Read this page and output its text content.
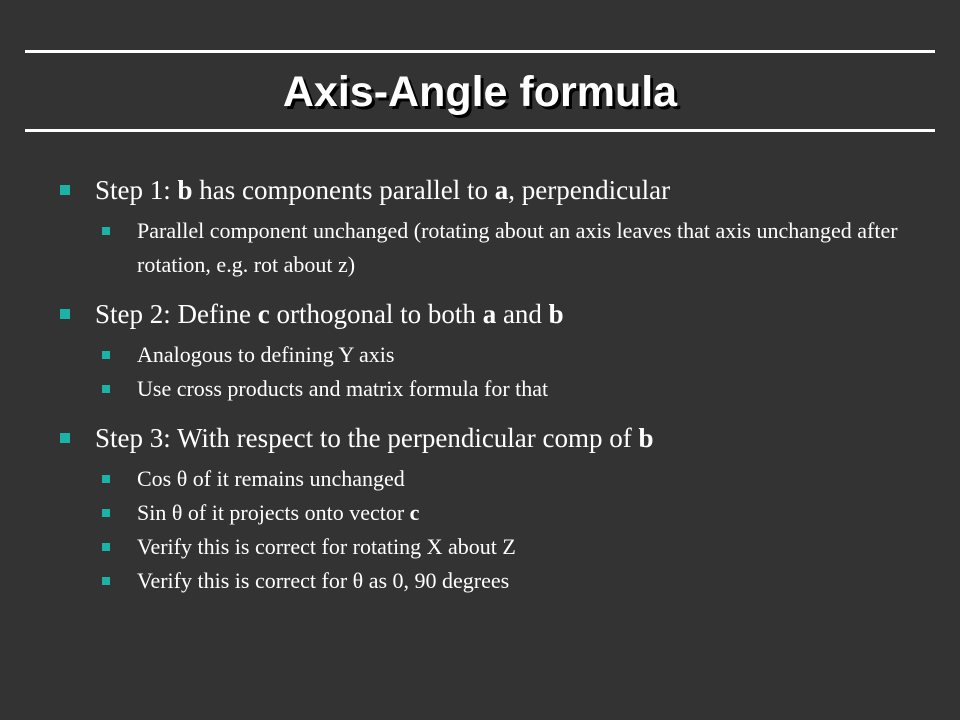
Axis-Angle formula
Step 1: b has components parallel to a, perpendicular
Parallel component unchanged (rotating about an axis leaves that axis unchanged after rotation, e.g. rot about z)
Step 2: Define c orthogonal to both a and b
Analogous to defining Y axis
Use cross products and matrix formula for that
Step 3: With respect to the perpendicular comp of b
Cos θ of it remains unchanged
Sin θ of it projects onto vector c
Verify this is correct for rotating X about Z
Verify this is correct for θ as 0, 90 degrees
